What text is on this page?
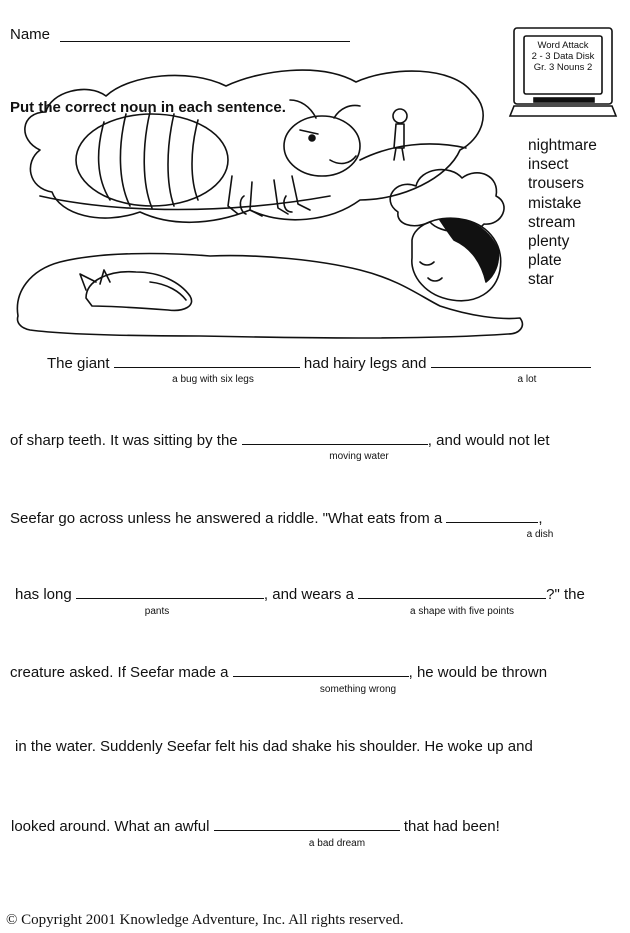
Name
Put the correct noun in each sentence.
Word Attack
2 - 3 Data Disk
Gr. 3 Nouns 2
nightmare
insect
trousers
mistake
stream
plenty
plate
star
The giant	had hairy legs and
a bug with six legs	a lot
of sharp teeth. It was sitting by the	, and would not let
moving water
Seefar go across unless he answered a riddle. "What eats from a	,
a dish
has long	, and wears a	?" the
pants	a shape with five points
creature asked. If Seefar made a	, he would be thrown
something wrong
in the water. Suddenly Seefar felt his dad shake his shoulder. He woke up and
looked around. What an awful	that had been!
a bad dream
© Copyright 2001 Knowledge Adventure, Inc. All rights reserved.
